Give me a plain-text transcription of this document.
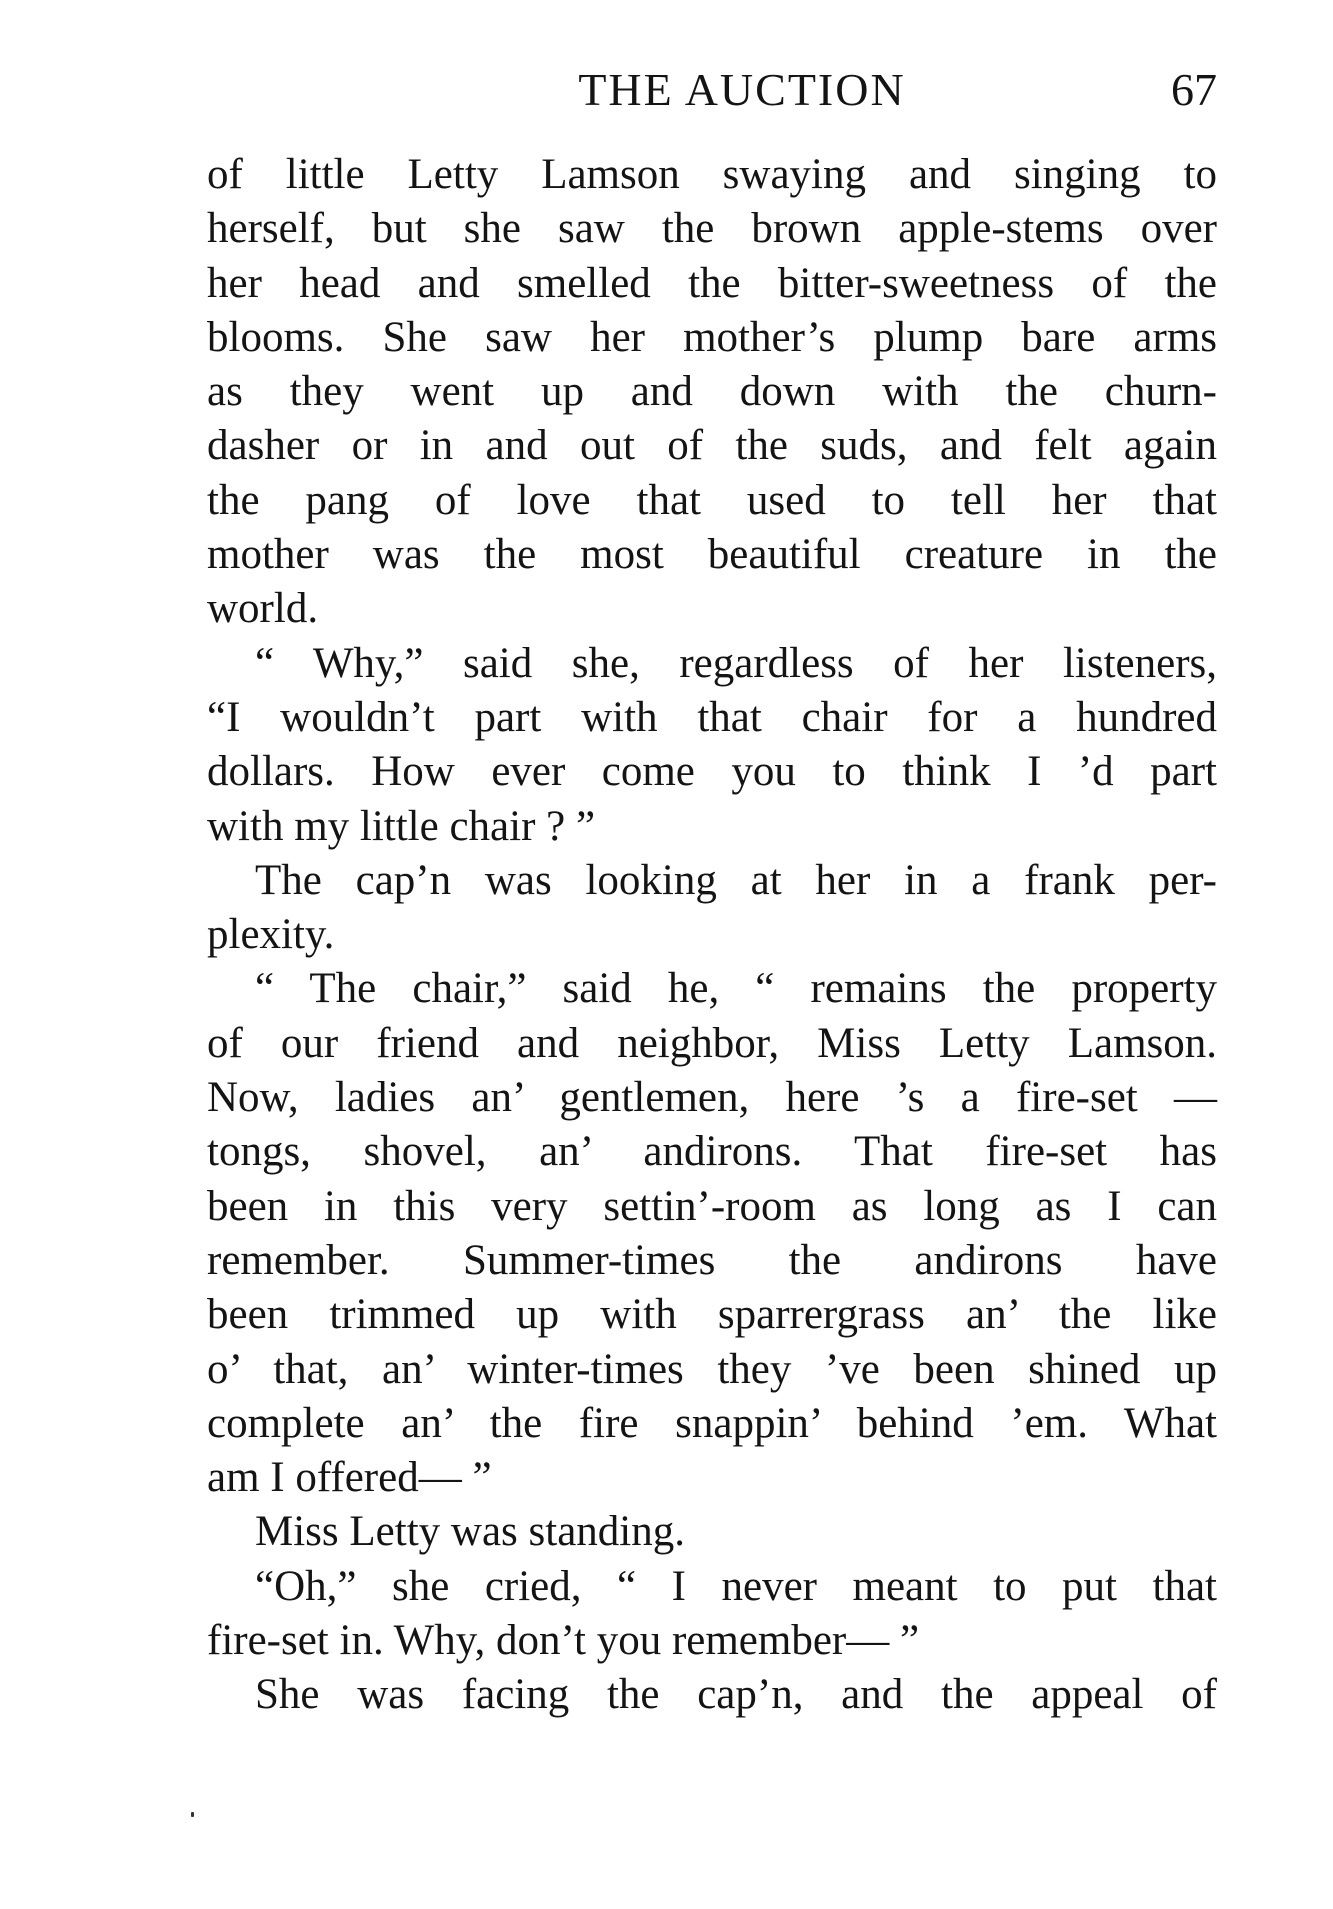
THE AUCTION	67
of little Letty Lamson swaying and singing to
herself, but she saw the brown apple-stems over
her head and smelled the bitter-sweetness of the
blooms. She saw her mother’s plump bare arms
as they went up and down with the churn-
dasher or in and out of the suds, and felt again
the pang of love that used to tell her that
mother was the most beautiful creature in the
world.
“ Why,” said she, regardless of her listeners,
“I wouldn’t part with that chair for a hundred
dollars. How ever come you to think I ’d part
with my little chair ? ”
The cap’n was looking at her in a frank per-
plexity.
“ The chair,” said he, “ remains the property
of our friend and neighbor, Miss Letty Lamson.
Now, ladies an’ gentlemen, here ’s a fire-set —
tongs, shovel, an’ andirons. That fire-set has
been in this very settin’-room as long as I can
remember. Summer-times the andirons have
been trimmed up with sparrergrass an’ the like
o’ that, an’ winter-times they ’ve been shined up
complete an’ the fire snappin’ behind ’em. What
am I offered— ”
Miss Letty was standing.
“Oh,” she cried, “ I never meant to put that
fire-set in. Why, don’t you remember— ”
She was facing the cap’n, and the appeal of
